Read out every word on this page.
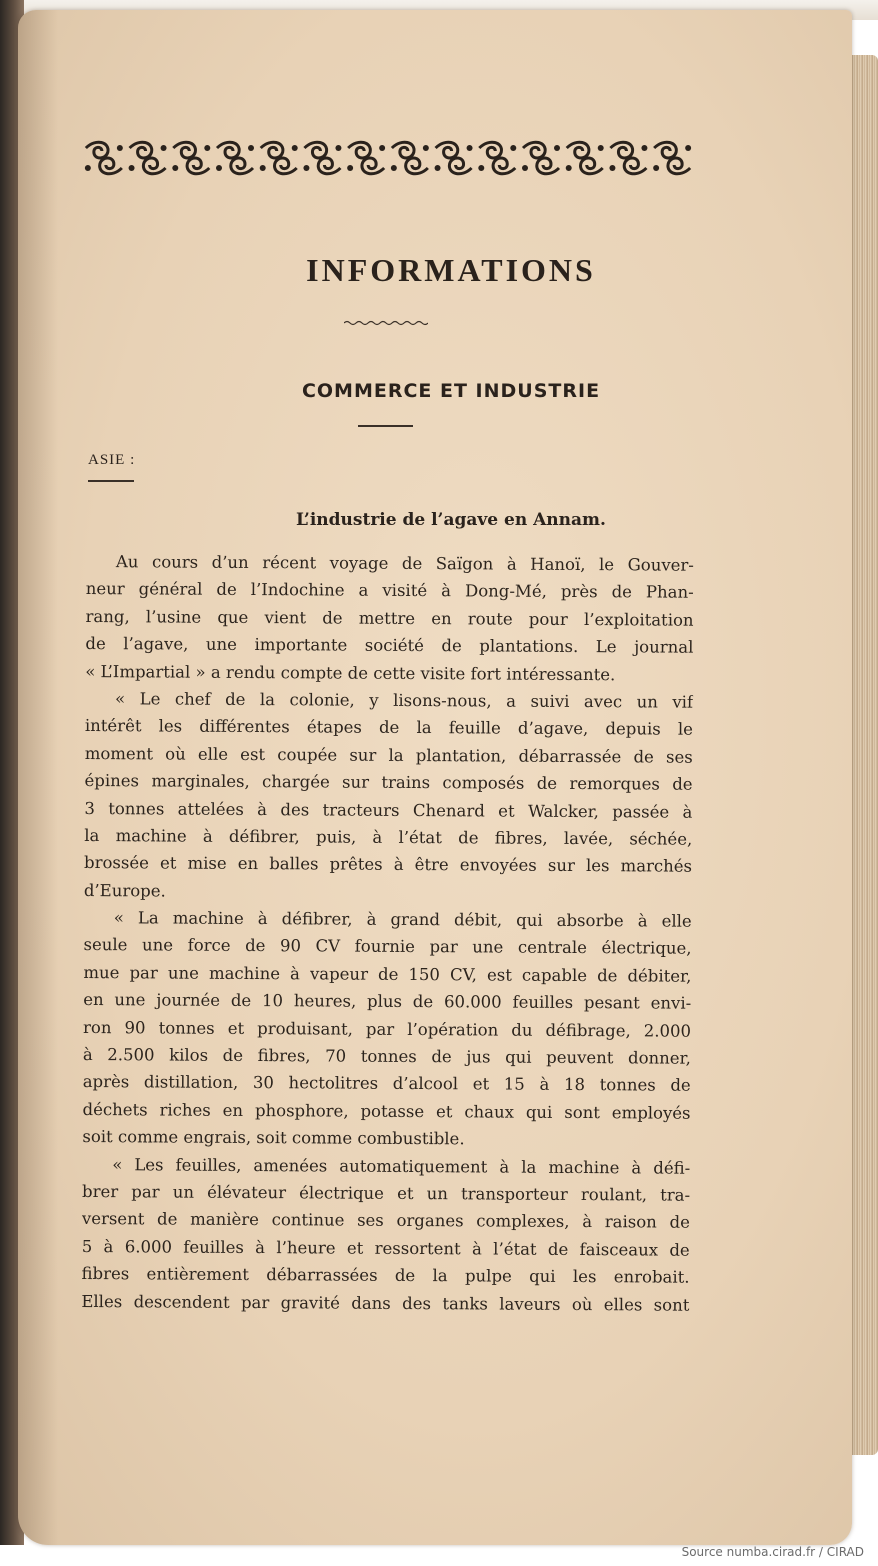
INFORMATIONS
COMMERCE ET INDUSTRIE
ASIE :
L’industrie de l’agave en Annam.
Au cours d’un récent voyage de Saïgon à Hanoï, le Gouver-
neur général de l’Indochine a visité à Dong-Mé, près de Phan-
rang, l’usine que vient de mettre en route pour l’exploitation
de l’agave, une importante société de plantations. Le journal
« L’Impartial » a rendu compte de cette visite fort intéressante.
« Le chef de la colonie, y lisons-nous, a suivi avec un vif
intérêt les différentes étapes de la feuille d’agave, depuis le
moment où elle est coupée sur la plantation, débarrassée de ses
épines marginales, chargée sur trains composés de remorques de
3 tonnes attelées à des tracteurs Chenard et Walcker, passée à
la machine à défibrer, puis, à l’état de fibres, lavée, séchée,
brossée et mise en balles prêtes à être envoyées sur les marchés
d’Europe.
« La machine à défibrer, à grand débit, qui absorbe à elle
seule une force de 90 CV fournie par une centrale électrique,
mue par une machine à vapeur de 150 CV, est capable de débiter,
en une journée de 10 heures, plus de 60.000 feuilles pesant envi-
ron 90 tonnes et produisant, par l’opération du défibrage, 2.000
à 2.500 kilos de fibres, 70 tonnes de jus qui peuvent donner,
après distillation, 30 hectolitres d’alcool et 15 à 18 tonnes de
déchets riches en phosphore, potasse et chaux qui sont employés
soit comme engrais, soit comme combustible.
« Les feuilles, amenées automatiquement à la machine à défi-
brer par un élévateur électrique et un transporteur roulant, tra-
versent de manière continue ses organes complexes, à raison de
5 à 6.000 feuilles à l’heure et ressortent à l’état de faisceaux de
fibres entièrement débarrassées de la pulpe qui les enrobait.
Elles descendent par gravité dans des tanks laveurs où elles sont
Source numba.cirad.fr / CIRAD
